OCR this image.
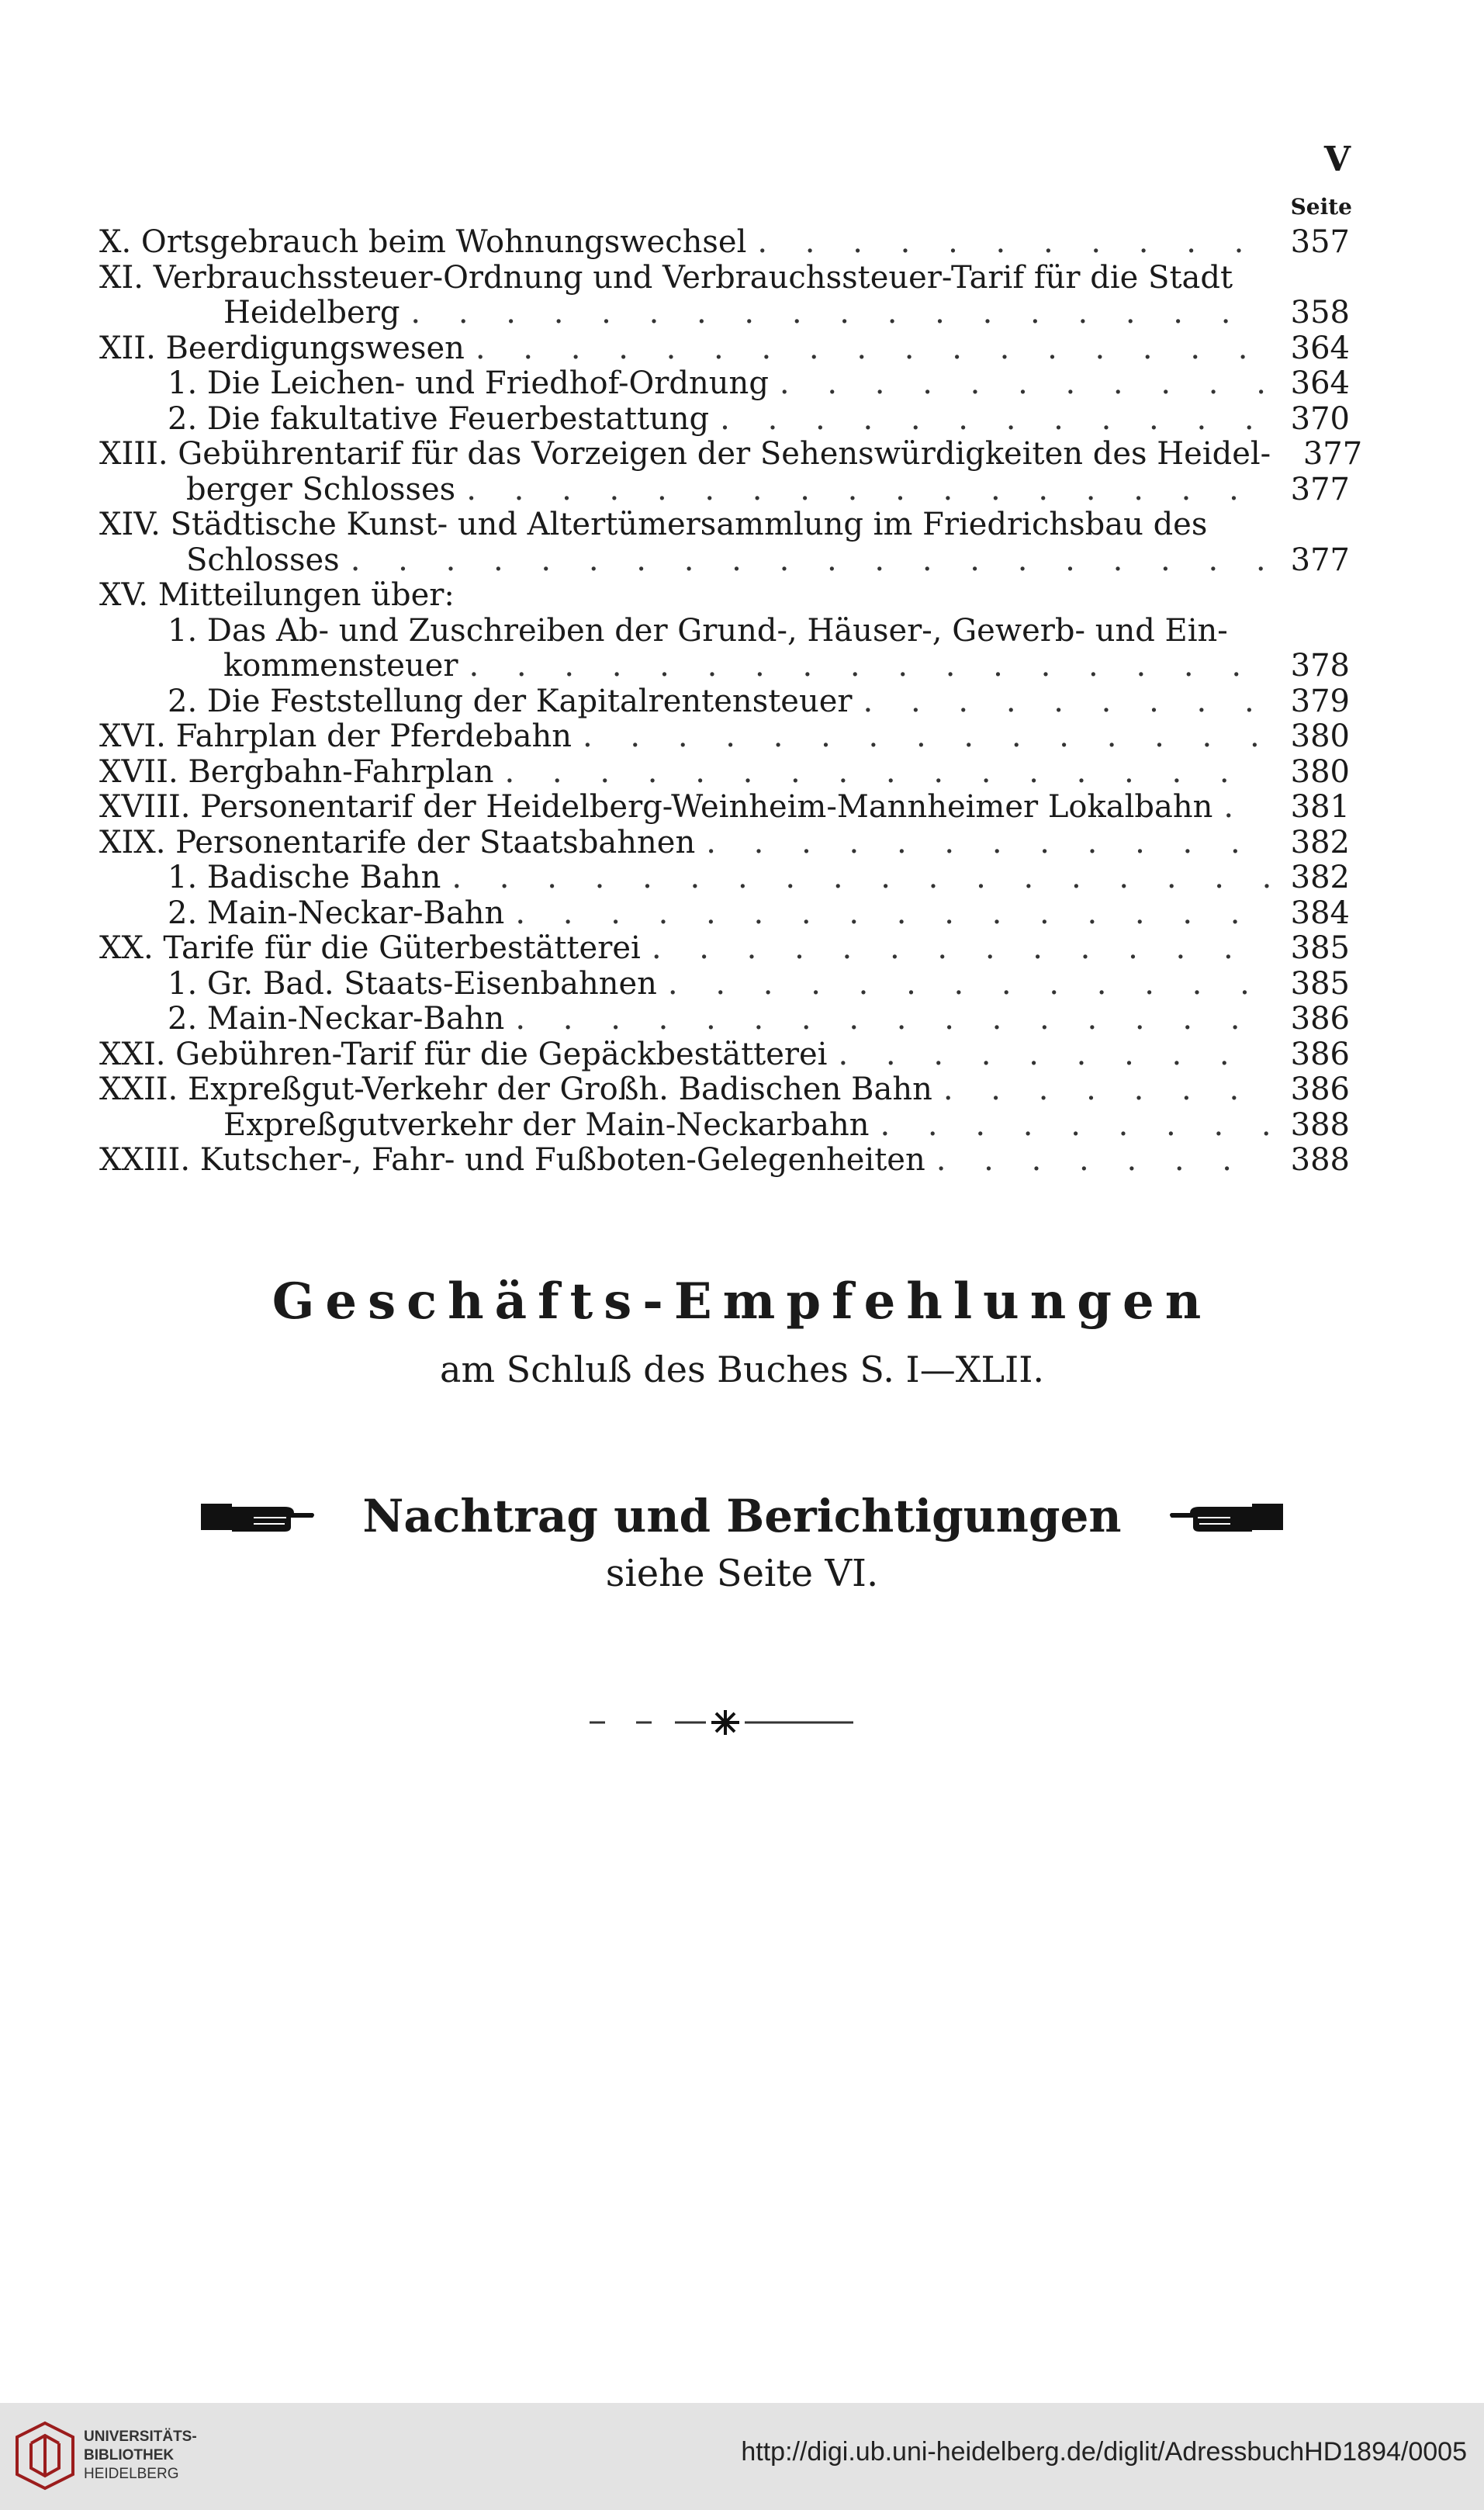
V
Seite
X. Ortsgebrauch beim Wohnungswechsel . . .	357
XI. Verbrauchssteuer-Ordnung und Verbrauchssteuer-Tarif für die Stadt
Heidelberg . . .	358
XII. Beerdigungswesen . . .	364
1. Die Leichen- und Friedhof-Ordnung . . .	364
2. Die fakultative Feuerbestattung . . .	370
XIII. Gebührentarif für das Vorzeigen der Sehenswürdigkeiten des Heidel-	377
berger Schlosses . . .	377
XIV. Städtische Kunst- und Altertümersammlung im Friedrichsbau des
Schlosses . . .	377
XV. Mitteilungen über:
1. Das Ab- und Zuschreiben der Grund-, Häuser-, Gewerb- und Ein-
kommensteuer . . .	378
2. Die Feststellung der Kapitalrentensteuer . . .	379
XVI. Fahrplan der Pferdebahn . . .	380
XVII. Bergbahn-Fahrplan . . .	380
XVIII. Personentarif der Heidelberg-Weinheim-Mannheimer Lokalbahn . . .	381
XIX. Personentarife der Staatsbahnen . . .	382
1. Badische Bahn . . .	382
2. Main-Neckar-Bahn . . .	384
XX. Tarife für die Güterbestätterei . . .	385
1. Gr. Bad. Staats-Eisenbahnen . . .	385
2. Main-Neckar-Bahn . . .	386
XXI. Gebühren-Tarif für die Gepäckbestätterei . . .	386
XXII. Expreßgut-Verkehr der Großh. Badischen Bahn . . .	386
Expreßgutverkehr der Main-Neckarbahn . . .	388
XXIII. Kutscher-, Fahr- und Fußboten-Gelegenheiten . . .	388
Geschäfts-Empfehlungen
am Schluß des Buches S. I—XLII.
Nachtrag und Berichtigungen
siehe Seite VI.
UNIVERSITÄTS-
BIBLIOTHEK
HEIDELBERG
http://digi.ub.uni-heidelberg.de/diglit/AdressbuchHD1894/0005
